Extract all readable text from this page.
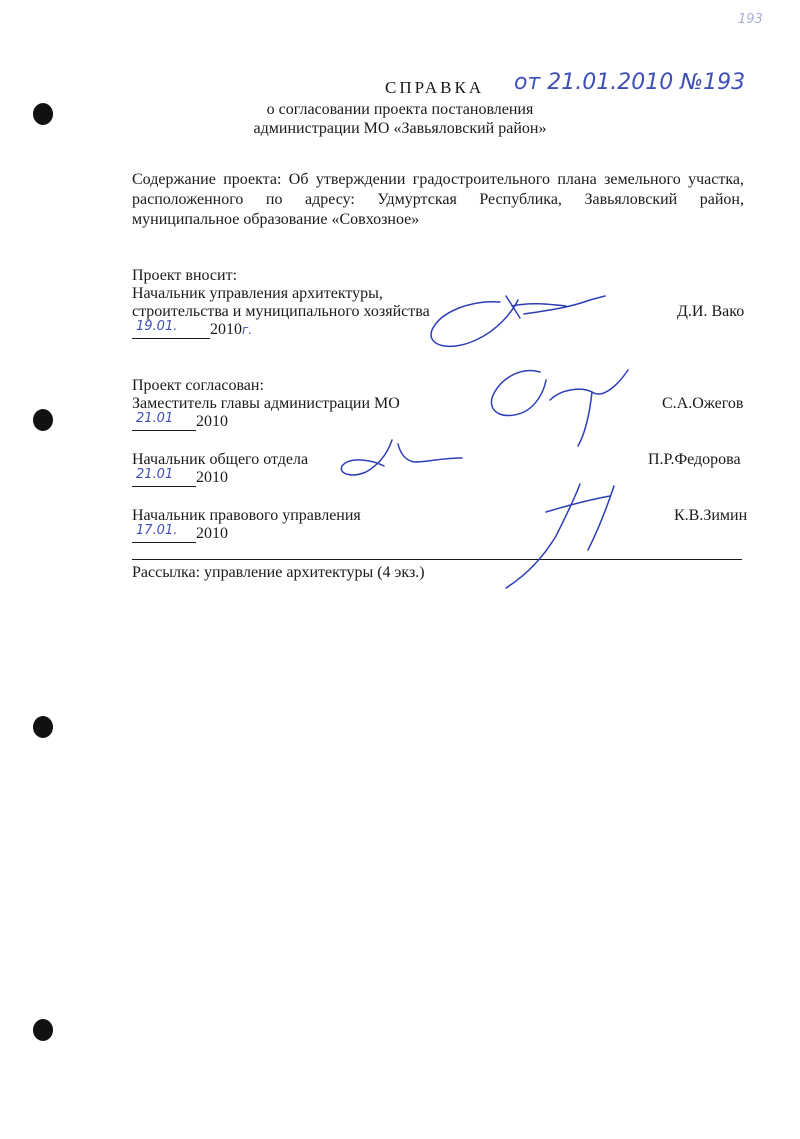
193
СПРАВКА от 21.01.2010 №193
о согласовании проекта постановления
администрации МО «Завьяловский район»
Содержание проекта: Об утверждении градостроительного плана земельного участка, расположенного по адресу: Удмуртская Республика, Завьяловский район, муниципальное образование «Совхозное»
Проект вносит:
Начальник управления архитектуры,
строительства и муниципального хозяйства	Д.И. Вако
19.01. 2010г.
Проект согласован:
Заместитель главы администрации МО	С.А.Ожегов
21.01 2010
Начальник общего отдела	П.Р.Федорова
21.01 2010
Начальник правового управления	К.В.Зимин
17.01. 2010
Рассылка: управление архитектуры (4 экз.)
